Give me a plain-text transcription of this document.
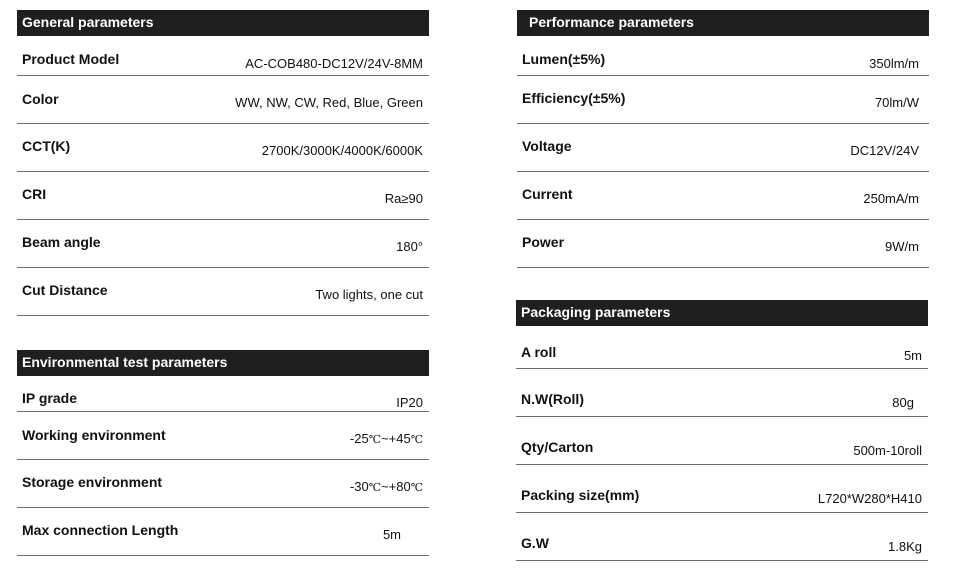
General parameters
Product Model	AC-COB480-DC12V/24V-8MM
Color	WW, NW, CW, Red, Blue, Green
CCT(K)	2700K/3000K/4000K/6000K
CRI	Ra≥90
Beam angle	180°
Cut Distance	Two lights, one cut
Environmental test parameters
IP grade	IP20
Working environment	-25℃~+45℃
Storage environment	-30℃~+80℃
Max connection Length	5m
Performance parameters
Lumen(±5%)	350lm/m
Efficiency(±5%)	70lm/W
Voltage	DC12V/24V
Current	250mA/m
Power	9W/m
Packaging parameters
A roll	5m
N.W(Roll)	80g
Qty/Carton	500m-10roll
Packing size(mm)	L720*W280*H410
G.W	1.8Kg
